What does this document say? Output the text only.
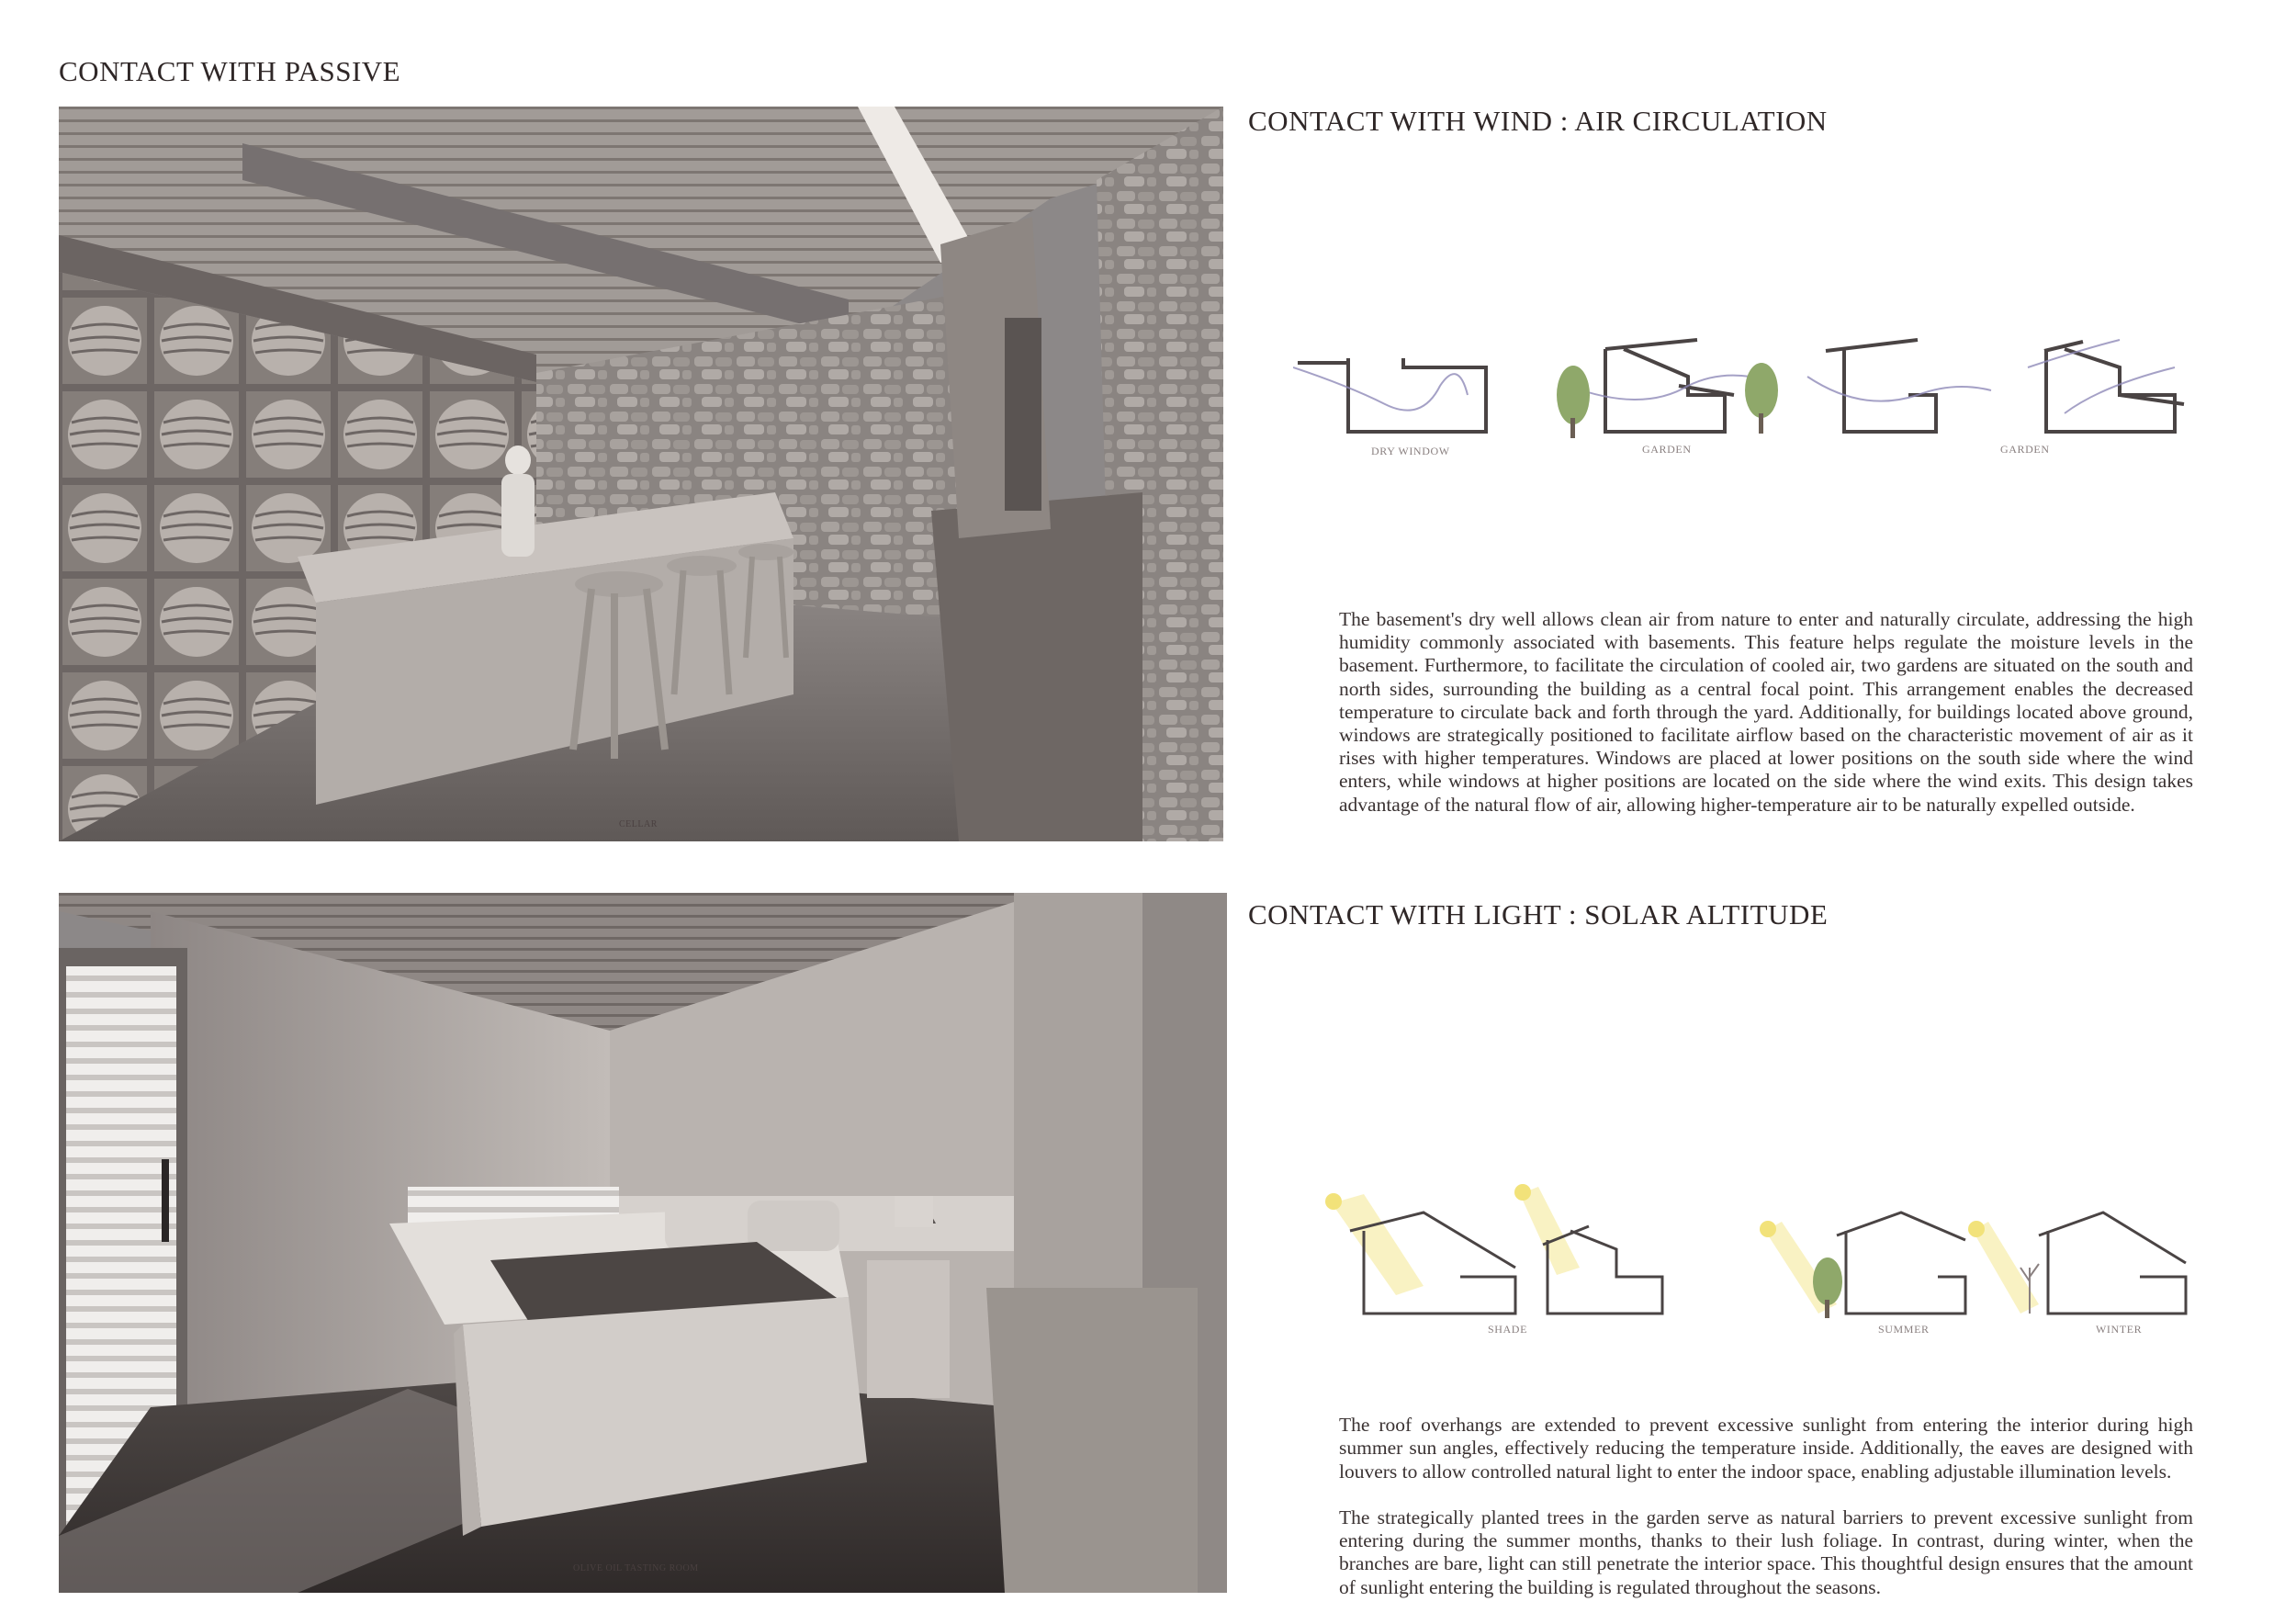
CONTACT WITH PASSIVE
CELLAR
OLIVE OIL TASTING ROOM
CONTACT WITH WIND : AIR CIRCULATION
DRY WINDOW	GARDEN	GARDEN
The basement's dry well allows clean air from nature to enter and naturally circulate, addressing the high humidity commonly associated with basements. This feature helps regulate the moisture levels in the basement. Furthermore, to facilitate the circulation of cooled air, two gardens are situated on the south and north sides, surrounding the building as a central focal point. This arrangement enables the decreased temperature to circulate back and forth through the yard. Additionally, for buildings located above ground, windows are strategically positioned to facilitate airflow based on the characteristic movement of air as it rises with higher temperatures. Windows are placed at lower positions on the south side where the wind enters, while windows at higher positions are located on the side where the wind exits. This design takes advantage of the natural flow of air, allowing higher-temperature air to be naturally expelled outside.
CONTACT WITH LIGHT : SOLAR ALTITUDE
SHADE	SUMMER	WINTER

The roof overhangs are extended to prevent excessive sunlight from entering the interior during high summer sun angles, effectively reducing the temperature inside. Additionally, the eaves are designed with louvers to allow controlled natural light to enter the indoor space, enabling adjustable illumination levels.

The strategically planted trees in the garden serve as natural barriers to prevent excessive sunlight from entering during the summer months, thanks to their lush foliage. In contrast, during winter, when the branches are bare, light can still penetrate the interior space. This thoughtful design ensures that the amount of sunlight entering the building is regulated throughout the seasons.
